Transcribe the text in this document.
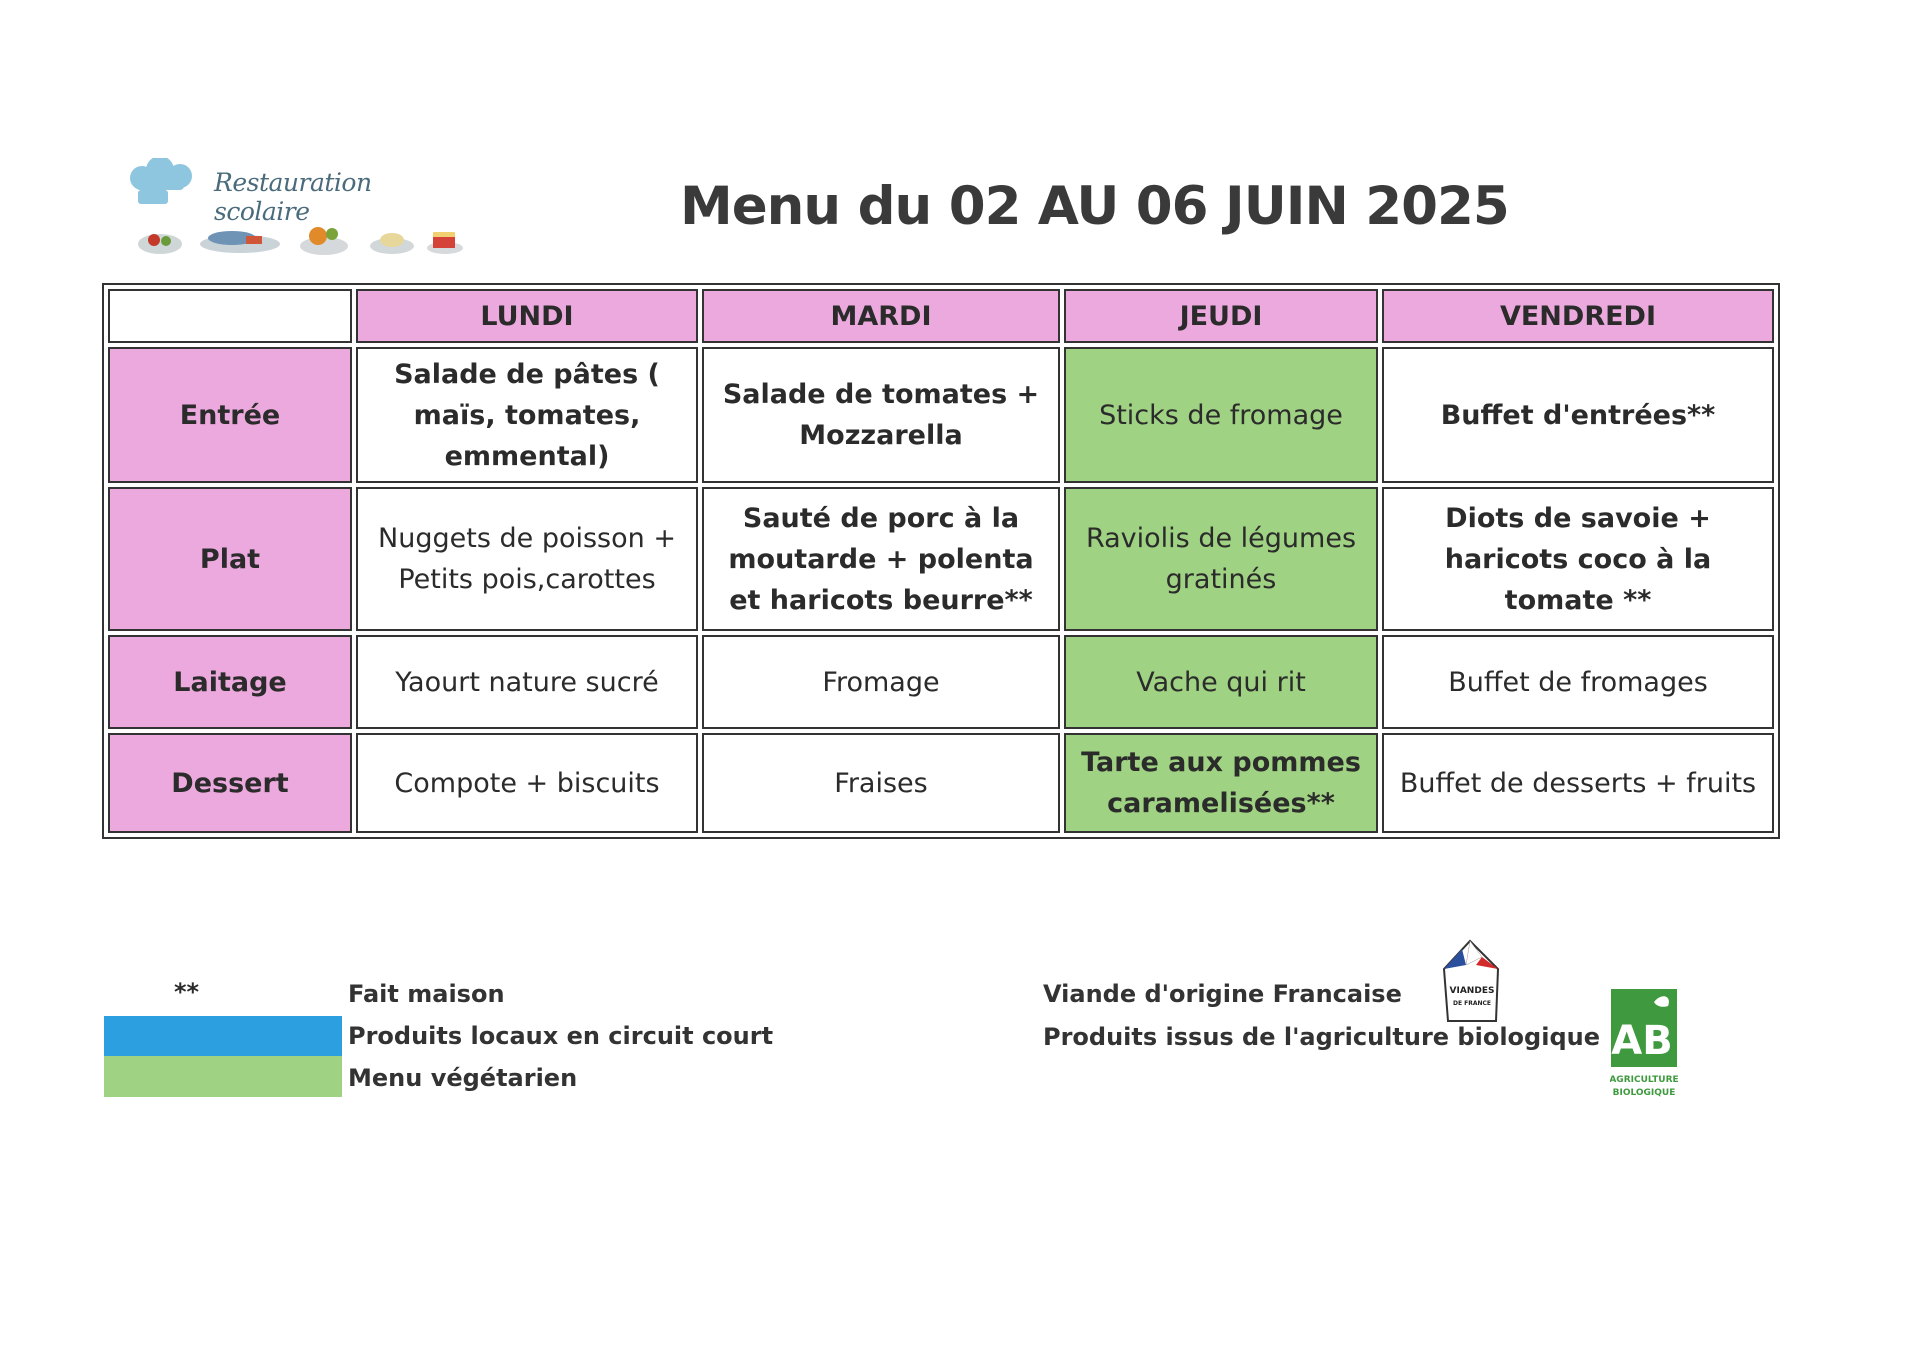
Restauration scolaire	Menu du 02 AU 06 JUIN 2025
	LUNDI	MARDI	JEUDI	VENDREDI
Entrée	Salade de pâtes ( maïs, tomates, emmental)	Salade de tomates + Mozzarella	Sticks de fromage	Buffet d'entrées**
Plat	Nuggets de poisson + Petits pois,carottes	Sauté de porc à la moutarde + polenta et haricots beurre**	Raviolis de légumes gratinés	Diots de savoie + haricots coco à la tomate **
Laitage	Yaourt nature sucré	Fromage	Vache qui rit	Buffet de fromages
Dessert	Compote + biscuits	Fraises	Tarte aux pommes caramelisées**	Buffet de desserts + fruits
**	Fait maison
Produits locaux en circuit court
Menu végétarien
Viande d'origine Francaise
Produits issus de l'agriculture biologique
VIANDES
DE FRANCE
AB
AGRICULTURE
BIOLOGIQUE
